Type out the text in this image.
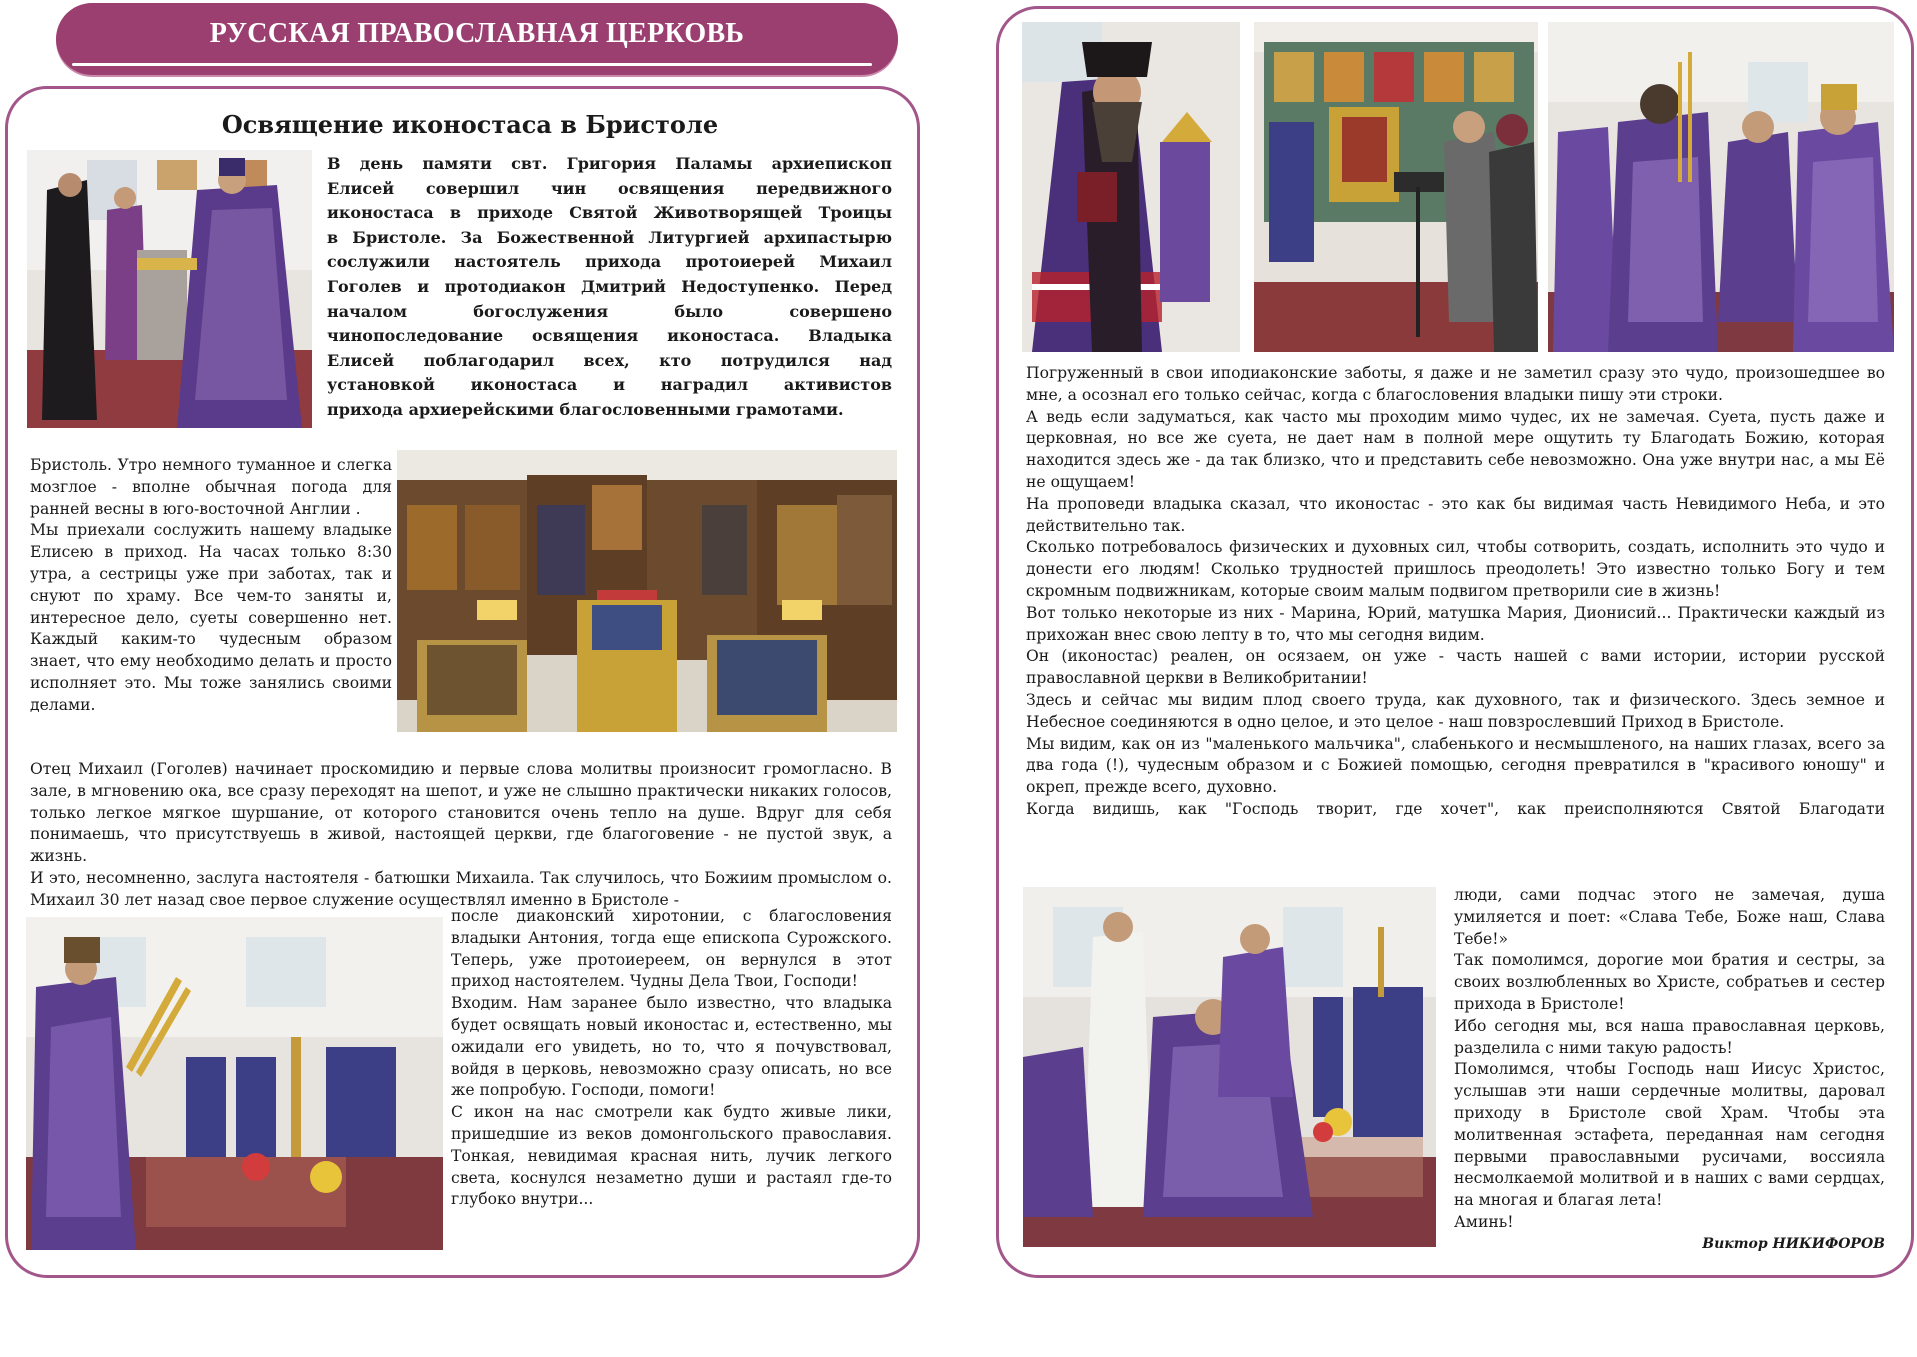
РУССКАЯ ПРАВОСЛАВНАЯ ЦЕРКОВЬ
Освящение иконостаса в Бристоле
В день памяти свт. Григория Паламы архиепископ
Елисей совершил чин освящения передвижного
иконостаса в приходе Святой Животворящей Троицы
в Бристоле. За Божественной Литургией архипастырю
сослужили настоятель прихода протоиерей Михаил
Гоголев и протодиакон Дмитрий Недоступенко. Перед
началом богослужения было совершено
чинопоследование освящения иконостаса. Владыка
Елисей поблагодарил всех, кто потрудился над
установкой иконостаса и наградил активистов
прихода архиерейскими благословенными грамотами.

Бристоль. Утро немного туманное и слегка мозглое - вполне обычная погода для ранней весны в юго-восточной Англии .

Мы приехали сослужить нашему владыке Елисею в приход. На часах только 8:30 утра, а сестрицы уже при заботах, так и снуют по храму. Все чем-то заняты и, интересное дело, суеты совершенно нет. Каждый каким-то чудесным образом знает, что ему необходимо делать и просто исполняет это. Мы тоже занялись своими делами.

Отец Михаил (Гоголев) начинает проскомидию и первые слова молитвы произносит громогласно. В зале, в мгновению ока, все сразу переходят на шепот, и уже не слышно практически никаких голосов, только легкое мягкое шуршание, от которого становится очень тепло на душе. Вдруг для себя понимаешь, что присутствуешь в живой, настоящей церкви, где благоговение - не пустой звук, а жизнь.

И это, несомненно, заслуга настоятеля - батюшки Михаила. Так случилось, что Божиим промыслом о. Михаил 30 лет назад свое первое служение осуществлял именно в Бристоле -

после диаконский хиротонии, с благословения владыки Антония, тогда еще епископа Сурожского. Теперь, уже протоиереем, он вернулся в этот приход настоятелем. Чудны Дела Твои, Господи!

Входим. Нам заранее было известно, что владыка будет освящать новый иконостас и, естественно, мы ожидали его увидеть, но то, что я почувствовал, войдя в церковь, невозможно сразу описать, но все же попробую. Господи, помоги!

С икон на нас смотрели как будто живые лики, пришедшие из веков домонгольского православия. Тонкая, невидимая красная нить, лучик легкого света, коснулся незаметно души и растаял где-то глубоко внутри...

Погруженный в свои иподиаконские заботы, я даже и не заметил сразу это чудо, произошедшее во мне, а осознал его только сейчас, когда с благословения владыки пишу эти строки.

А ведь если задуматься, как часто мы проходим мимо чудес, их не замечая. Суета, пусть даже и церковная, но все же суета, не дает нам в полной мере ощутить ту Благодать Божию, которая находится здесь же - да так близко, что и представить себе невозможно. Она уже внутри нас, а мы Её не ощущаем!

На проповеди владыка сказал, что иконостас - это как бы видимая часть Невидимого Неба, и это действительно так.

Сколько потребовалось физических и духовных сил, чтобы сотворить, создать, исполнить это чудо и донести его людям! Сколько трудностей пришлось преодолеть! Это известно только Богу и тем скромным подвижникам, которые своим малым подвигом претворили сие в жизнь!

Вот только некоторые из них - Марина, Юрий, матушка Мария, Дионисий... Практически каждый из прихожан внес свою лепту в то, что мы сегодня видим.

Он (иконостас) реален, он осязаем, он уже - часть нашей с вами истории, истории русской православной церкви в Великобритании!

Здесь и сейчас мы видим плод своего труда, как духовного, так и физического. Здесь земное и Небесное соединяются в одно целое, и это целое - наш повзрослевший Приход в Бристоле.

Мы видим, как он из "маленького мальчика", слабенького и несмышленого, на наших глазах, всего за два года (!), чудесным образом и с Божией помощью, сегодня превратился в "красивого юношу" и окреп, прежде всего, духовно.

Когда видишь, как "Господь творит, где хочет", как преисполняются Святой Благодати

люди, сами подчас этого не замечая, душа умиляется и поет: «Слава Тебе, Боже наш, Слава Тебе!»

Так помолимся, дорогие мои братия и сестры, за своих возлюбленных во Христе, собратьев и сестер прихода в Бристоле!

Ибо сегодня мы, вся наша православная церковь, разделила с ними такую радость!

Помолимся, чтобы Господь наш Иисус Христос, услышав эти наши сердечные молитвы, даровал приходу в Бристоле свой Храм. Чтобы эта молитвенная эстафета, переданная нам сегодня первыми православными русичами, воссияла несмолкаемой молитвой и в наших с вами сердцах, на многая и благая лета!

Аминь!

Виктор НИКИФОРОВ
